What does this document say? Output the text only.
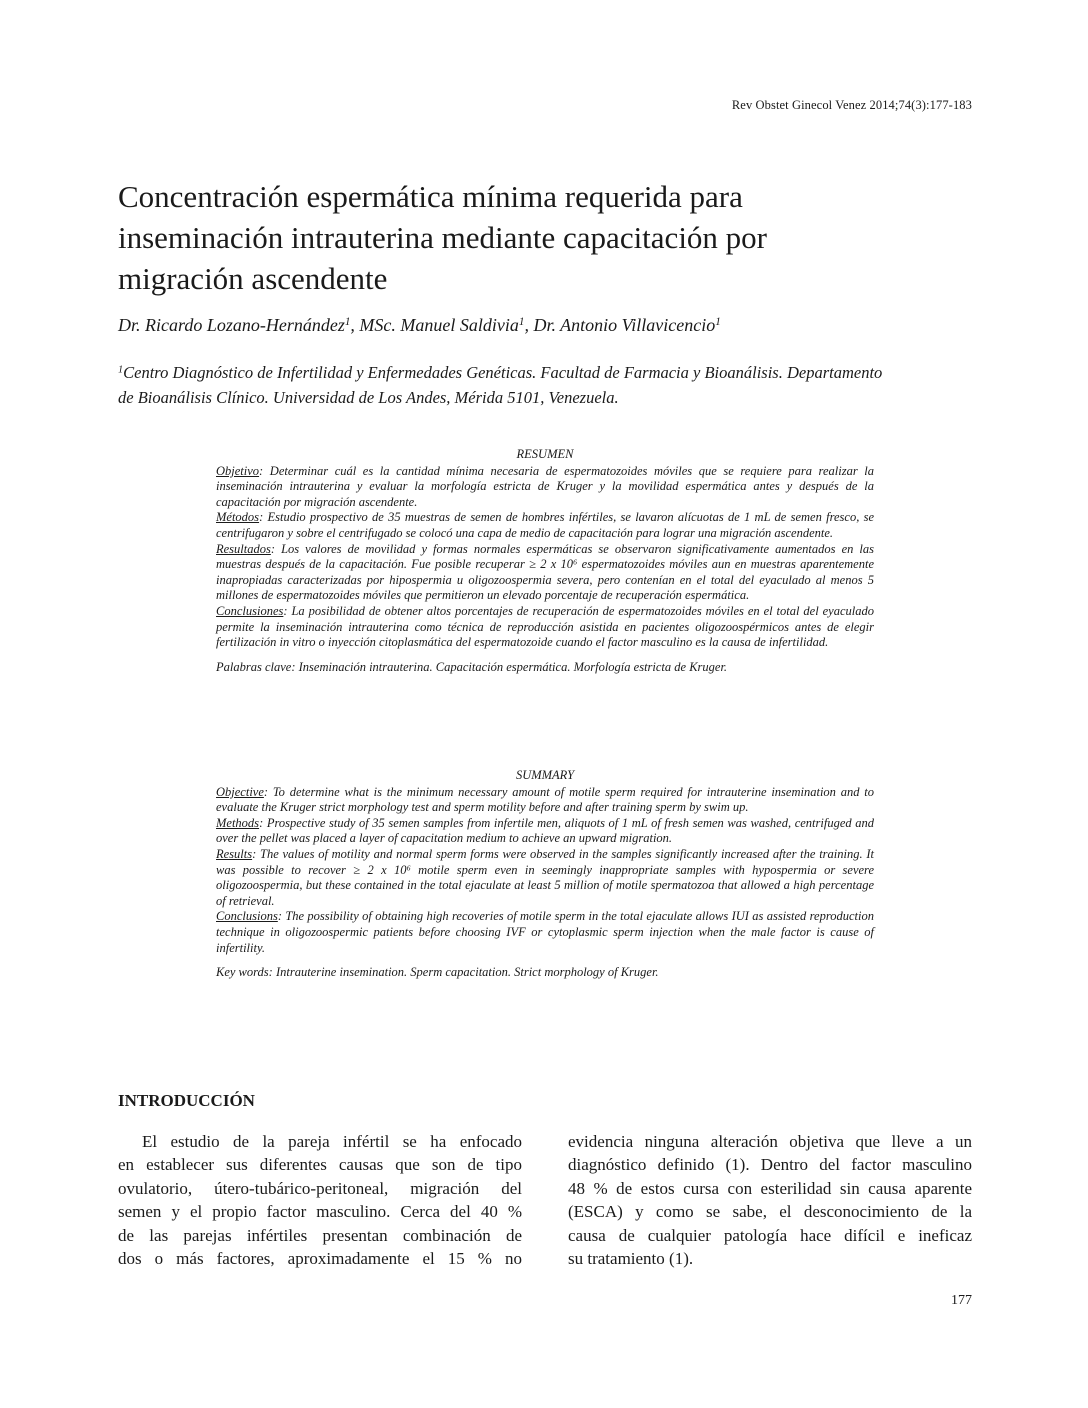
Rev Obstet Ginecol Venez 2014;74(3):177-183
Concentración espermática mínima requerida para
inseminación intrauterina mediante capacitación por
migración ascendente
Dr. Ricardo Lozano-Hernández$^1$, MSc. Manuel Saldivia$^1$, Dr. Antonio Villavicencio$^1$
$^1$Centro Diagnóstico de Infertilidad y Enfermedades Genéticas. Facultad de Farmacia y Bioanálisis. Departamento
de Bioanálisis Clínico. Universidad de Los Andes, Mérida 5101, Venezuela.
RESUMEN

Objetivo: Determinar cuál es la cantidad mínima necesaria de espermatozoides móviles que se requiere para realizar la inseminación intrauterina y evaluar la morfología estricta de Kruger y la movilidad espermática antes y después de la capacitación por migración ascendente.

Métodos: Estudio prospectivo de 35 muestras de semen de hombres infértiles, se lavaron alícuotas de 1 mL de semen fresco, se centrifugaron y sobre el centrifugado se colocó una capa de medio de capacitación para lograr una migración ascendente.

Resultados: Los valores de movilidad y formas normales espermáticas se observaron significativamente aumentados en las muestras después de la capacitación. Fue posible recuperar ≥ 2 x 10⁶ espermatozoides móviles aun en muestras aparentemente inapropiadas caracterizadas por hipospermia u oligozoospermia severa, pero contenían en el total del eyaculado al menos 5 millones de espermatozoides móviles que permitieron un elevado porcentaje de recuperación espermática.

Conclusiones: La posibilidad de obtener altos porcentajes de recuperación de espermatozoides móviles en el total del eyaculado permite la inseminación intrauterina como técnica de reproducción asistida en pacientes oligozoospérmicos antes de elegir fertilización in vitro o inyección citoplasmática del espermatozoide cuando el factor masculino es la causa de infertilidad.

Palabras clave: Inseminación intrauterina. Capacitación espermática. Morfología estricta de Kruger.

SUMMARY

Objective: To determine what is the minimum necessary amount of motile sperm required for intrauterine insemination and to evaluate the Kruger strict morphology test and sperm motility before and after training sperm by swim up.

Methods: Prospective study of 35 semen samples from infertile men, aliquots of 1 mL of fresh semen was washed, centrifuged and over the pellet was placed a layer of capacitation medium to achieve an upward migration.

Results: The values of motility and normal sperm forms were observed in the samples significantly increased after the training. It was possible to recover ≥ 2 x 10⁶ motile sperm even in seemingly inappropriate samples with hypospermia or severe oligozoospermia, but these contained in the total ejaculate at least 5 million of motile spermatozoa that allowed a high percentage of retrieval.

Conclusions: The possibility of obtaining high recoveries of motile sperm in the total ejaculate allows IUI as assisted reproduction technique in oligozoospermic patients before choosing IVF or cytoplasmic sperm injection when the male factor is cause of infertility.

Key words: Intrauterine insemination. Sperm capacitation. Strict morphology of Kruger.

INTRODUCCIÓN
El estudio de la pareja infértil se ha enfocado
en establecer sus diferentes causas que son de tipo
ovulatorio, útero-tubárico-peritoneal, migración del
semen y el propio factor masculino. Cerca del 40 %
de las parejas infértiles presentan combinación de
dos o más factores, aproximadamente el 15 % no
evidencia ninguna alteración objetiva que lleve a un
diagnóstico definido (1). Dentro del factor masculino
48 % de estos cursa con esterilidad sin causa aparente
(ESCA) y como se sabe, el desconocimiento de la
causa de cualquier patología hace difícil e ineficaz
su tratamiento (1).
177
